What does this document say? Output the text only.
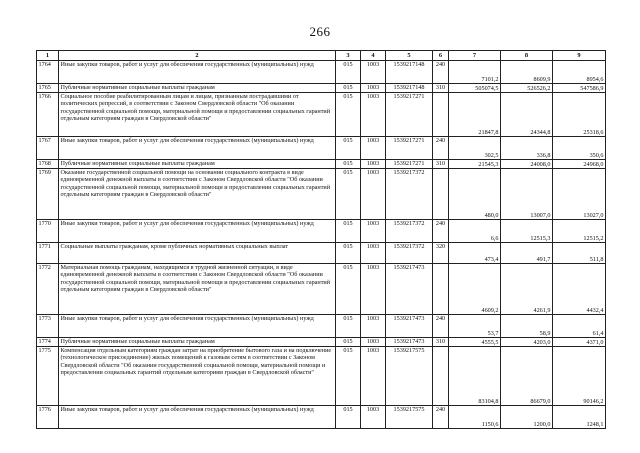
266
1	2	3	4	5	6	7	8	9
1764	Иные закупки товаров, работ и услуг для обеспечения государственных (муниципальных) нужд	015	1003	1539217148	240	7101,2	8609,9	8954,6
1765	Публичные нормативные социальные выплаты гражданам	015	1003	1539217148	310	505074,5	526526,2	547586,9
1766	Социальное пособие реабилитированным лицам и лицам, признанным пострадавшими от политических репрессий, в соответствии с Законом Свердловской области "Об оказании государственной социальной помощи, материальной помощи и предоставлении социальных гарантий отдельным категориям граждан в Свердловской области"	015	1003	1539217271		21847,8	24344,8	25318,6
1767	Иные закупки товаров, работ и услуг для обеспечения государственных (муниципальных) нужд	015	1003	1539217271	240	302,5	336,8	350,6
1768	Публичные нормативные социальные выплаты гражданам	015	1003	1539217271	310	21545,3	24008,0	24968,0
1769	Оказание государственной социальной помощи на основании социального контракта в виде единовременной денежной выплаты в соответствии с Законом Свердловской области "Об оказании государственной социальной помощи, материальной помощи и предоставлении социальных гарантий отдельным категориям граждан в Свердловской области"	015	1003	1539217372		480,0	13007,0	13027,0
1770	Иные закупки товаров, работ и услуг для обеспечения государственных (муниципальных) нужд	015	1003	1539217372	240	6,6	12515,3	12515,2
1771	Социальные выплаты гражданам, кроме публичных нормативных социальных выплат	015	1003	1539217372	320	473,4	491,7	511,8
1772	Материальная помощь гражданам, находящимся в трудной жизненной ситуации, в виде единовременной денежной выплаты в соответствии с Законом Свердловской области "Об оказании государственной социальной помощи, материальной помощи и предоставлении социальных гарантий отдельным категориям граждан в Свердловской области"	015	1003	1539217473		4609,2	4261,9	4432,4
1773	Иные закупки товаров, работ и услуг для обеспечения государственных (муниципальных) нужд	015	1003	1539217473	240	53,7	58,9	61,4
1774	Публичные нормативные социальные выплаты гражданам	015	1003	1539217473	310	4555,5	4203,0	4371,0
1775	Компенсация отдельным категориям граждан затрат на приобретение бытового газа и на подключение (технологическое присоединение) жилых помещений к газовым сетям в соответствии с Законом Свердловской области "Об оказании государственной социальной помощи, материальной помощи и предоставлении социальных гарантий отдельным категориям граждан в Свердловской области"	015	1003	1539217575		83104,8	86679,0	90146,2
1776	Иные закупки товаров, работ и услуг для обеспечения государственных (муниципальных) нужд	015	1003	1539217575	240	1150,6	1200,0	1248,1
